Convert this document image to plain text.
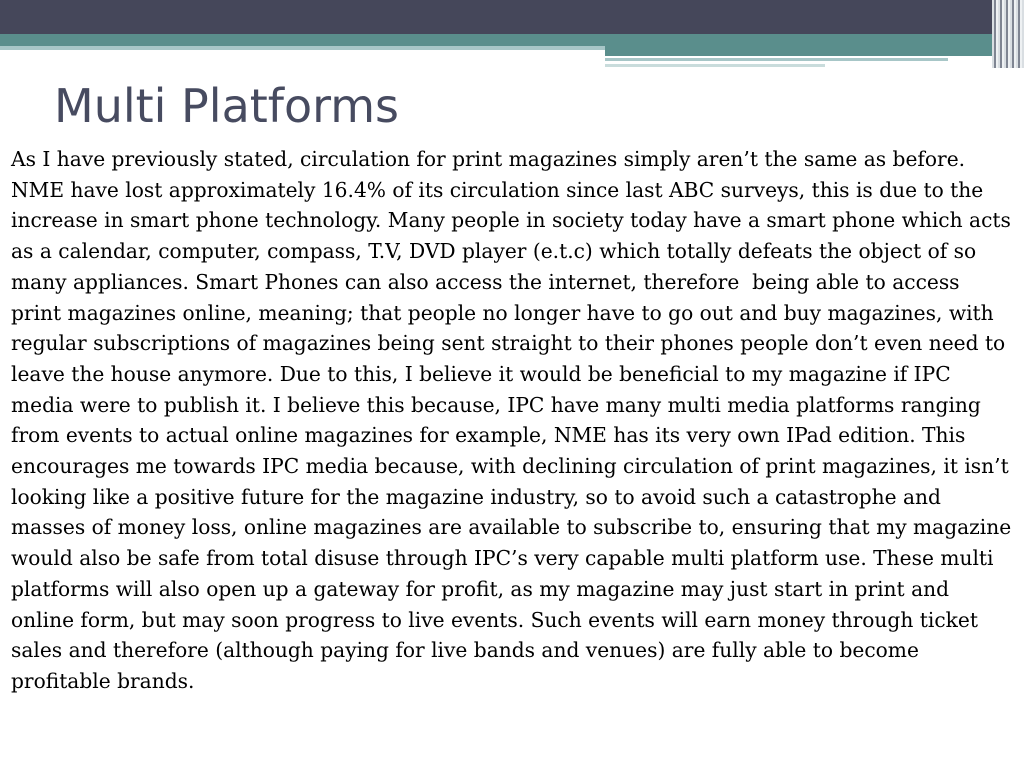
Multi Platforms

As I have previously stated, circulation for print magazines simply aren’t the same as before. NME have lost approximately 16.4% of its circulation since last ABC surveys, this is due to the increase in smart phone technology. Many people in society today have a smart phone which acts as a calendar, computer, compass, T.V, DVD player (e.t.c) which totally defeats the object of so many appliances. Smart Phones can also access the internet, therefore  being able to access print magazines online, meaning; that people no longer have to go out and buy magazines, with regular subscriptions of magazines being sent straight to their phones people don’t even need to leave the house anymore. Due to this, I believe it would be beneficial to my magazine if IPC media were to publish it. I believe this because, IPC have many multi media platforms ranging from events to actual online magazines for example, NME has its very own IPad edition. This encourages me towards IPC media because, with declining circulation of print magazines, it isn’t looking like a positive future for the magazine industry, so to avoid such a catastrophe and masses of money loss, online magazines are available to subscribe to, ensuring that my magazine would also be safe from total disuse through IPC’s very capable multi platform use. These multi platforms will also open up a gateway for profit, as my magazine may just start in print and online form, but may soon progress to live events. Such events will earn money through ticket sales and therefore (although paying for live bands and venues) are fully able to become profitable brands.
